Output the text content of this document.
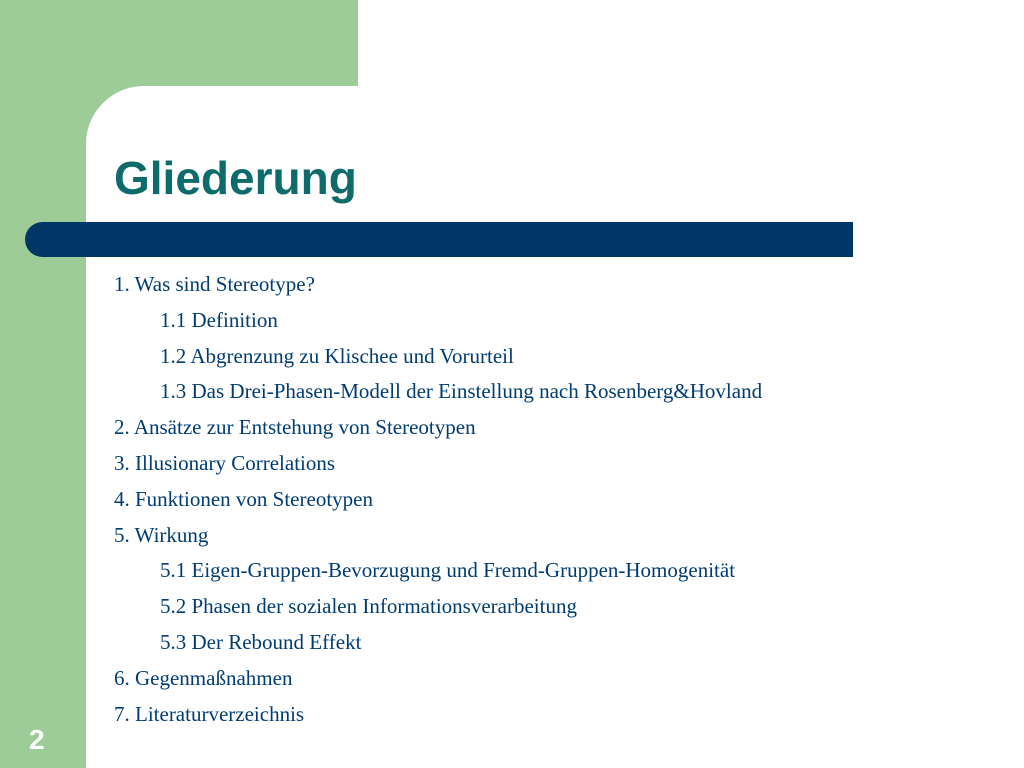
Gliederung
1. Was sind Stereotype?
1.1 Definition
1.2 Abgrenzung zu Klischee und Vorurteil
1.3 Das Drei-Phasen-Modell der Einstellung nach Rosenberg&Hovland
2. Ansätze zur Entstehung von Stereotypen
3. Illusionary Correlations
4. Funktionen von Stereotypen
5. Wirkung
5.1 Eigen-Gruppen-Bevorzugung und Fremd-Gruppen-Homogenität
5.2 Phasen der sozialen Informationsverarbeitung
5.3 Der Rebound Effekt
6. Gegenmaßnahmen
7. Literaturverzeichnis
2
